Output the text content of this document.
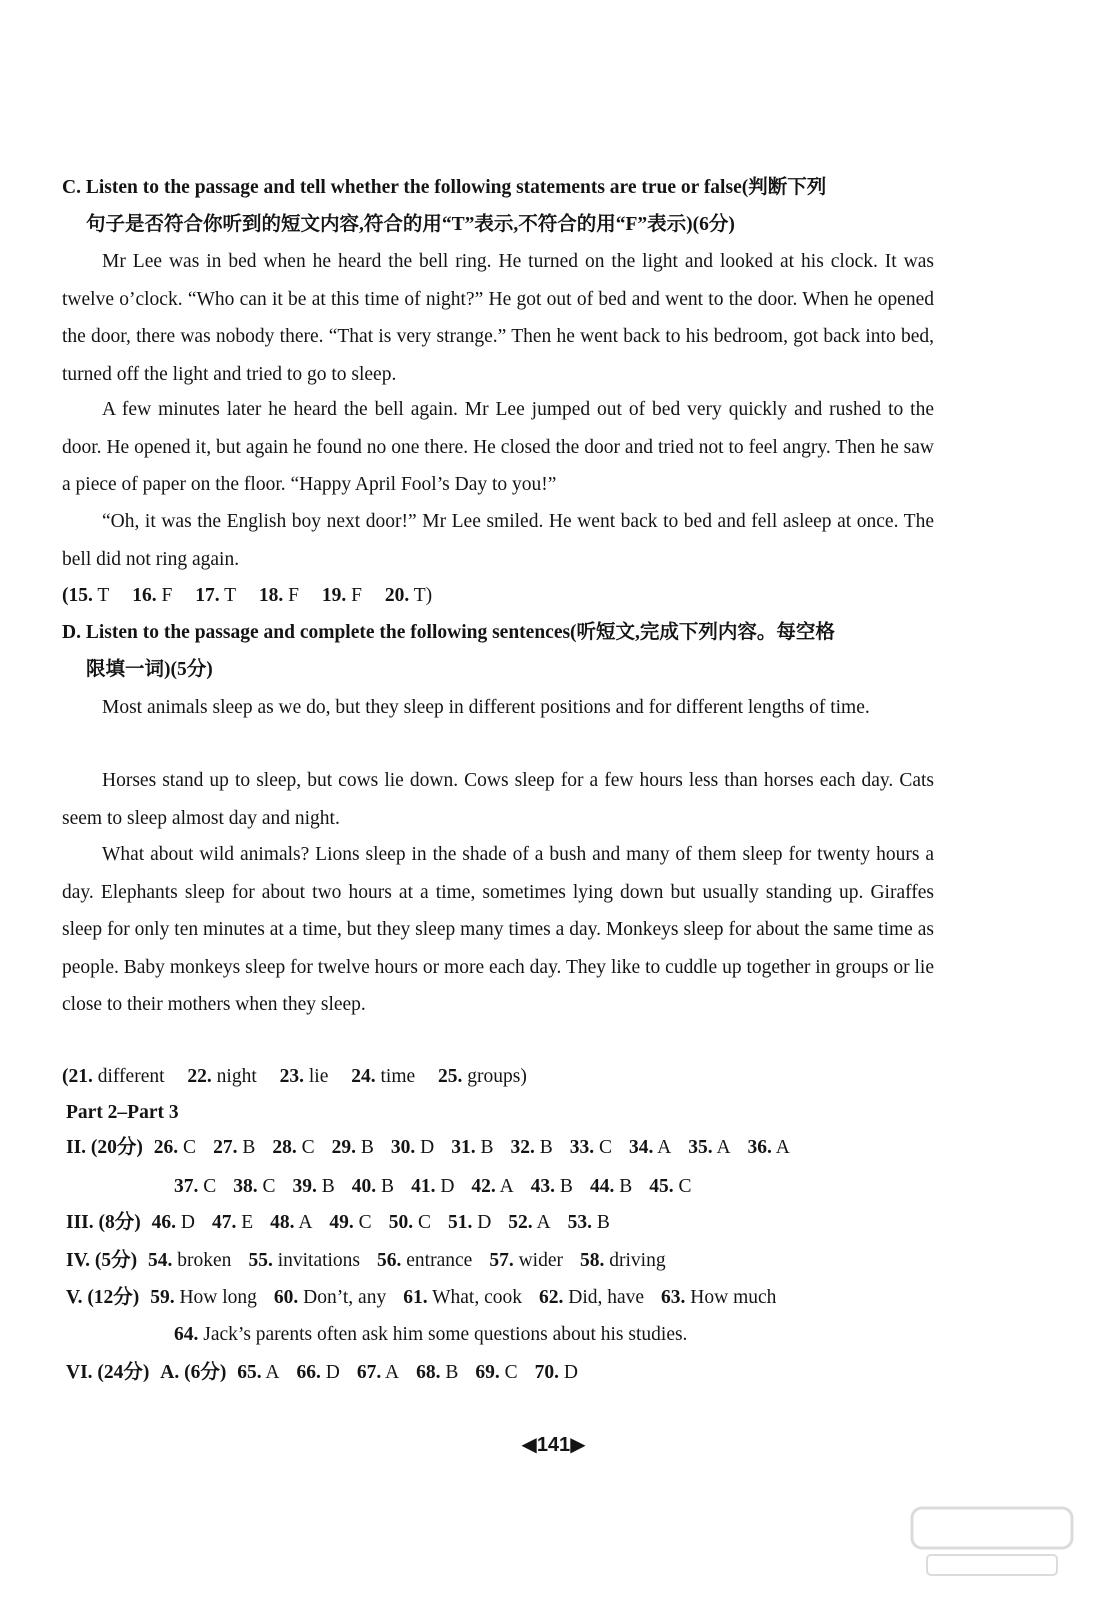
C. Listen to the passage and tell whether the following statements are true or false(判断下列
句子是否符合你听到的短文内容,符合的用“T”表示,不符合的用“F”表示)(6分)
Mr Lee was in bed when he heard the bell ring. He turned on the light and looked at his clock. It was twelve o’clock. “Who can it be at this time of night?” He got out of bed and went to the door. When he opened the door, there was nobody there. “That is very strange.” Then he went back to his bedroom, got back into bed, turned off the light and tried to go to sleep.
A few minutes later he heard the bell again. Mr Lee jumped out of bed very quickly and rushed to the door. He opened it, but again he found no one there. He closed the door and tried not to feel angry. Then he saw a piece of paper on the floor. “Happy April Fool’s Day to you!”
“Oh, it was the English boy next door!” Mr Lee smiled. He went back to bed and fell asleep at once. The bell did not ring again.
(15. T 16. F 17. T 18. F 19. F 20. T)
D. Listen to the passage and complete the following sentences(听短文,完成下列内容。每空格
限填一词)(5分)
Most animals sleep as we do, but they sleep in different positions and for different lengths of time.
Horses stand up to sleep, but cows lie down. Cows sleep for a few hours less than horses each day. Cats seem to sleep almost day and night.
What about wild animals? Lions sleep in the shade of a bush and many of them sleep for twenty hours a day. Elephants sleep for about two hours at a time, sometimes lying down but usually standing up. Giraffes sleep for only ten minutes at a time, but they sleep many times a day. Monkeys sleep for about the same time as people. Baby monkeys sleep for twelve hours or more each day. They like to cuddle up together in groups or lie close to their mothers when they sleep.
(21. different 22. night 23. lie 24. time 25. groups)
Part 2–Part 3
II. (20分) 26. C 27. B 28. C 29. B 30. D 31. B 32. B 33. C 34. A 35. A 36. A
37. C 38. C 39. B 40. B 41. D 42. A 43. B 44. B 45. C
III. (8分) 46. D 47. E 48. A 49. C 50. C 51. D 52. A 53. B
IV. (5分) 54. broken 55. invitations 56. entrance 57. wider 58. driving
V. (12分) 59. How long 60. Don’t, any 61. What, cook 62. Did, have 63. How much
64. Jack’s parents often ask him some questions about his studies.
VI. (24分) A. (6分) 65. A 66. D 67. A 68. B 69. C 70. D
◀141▶
